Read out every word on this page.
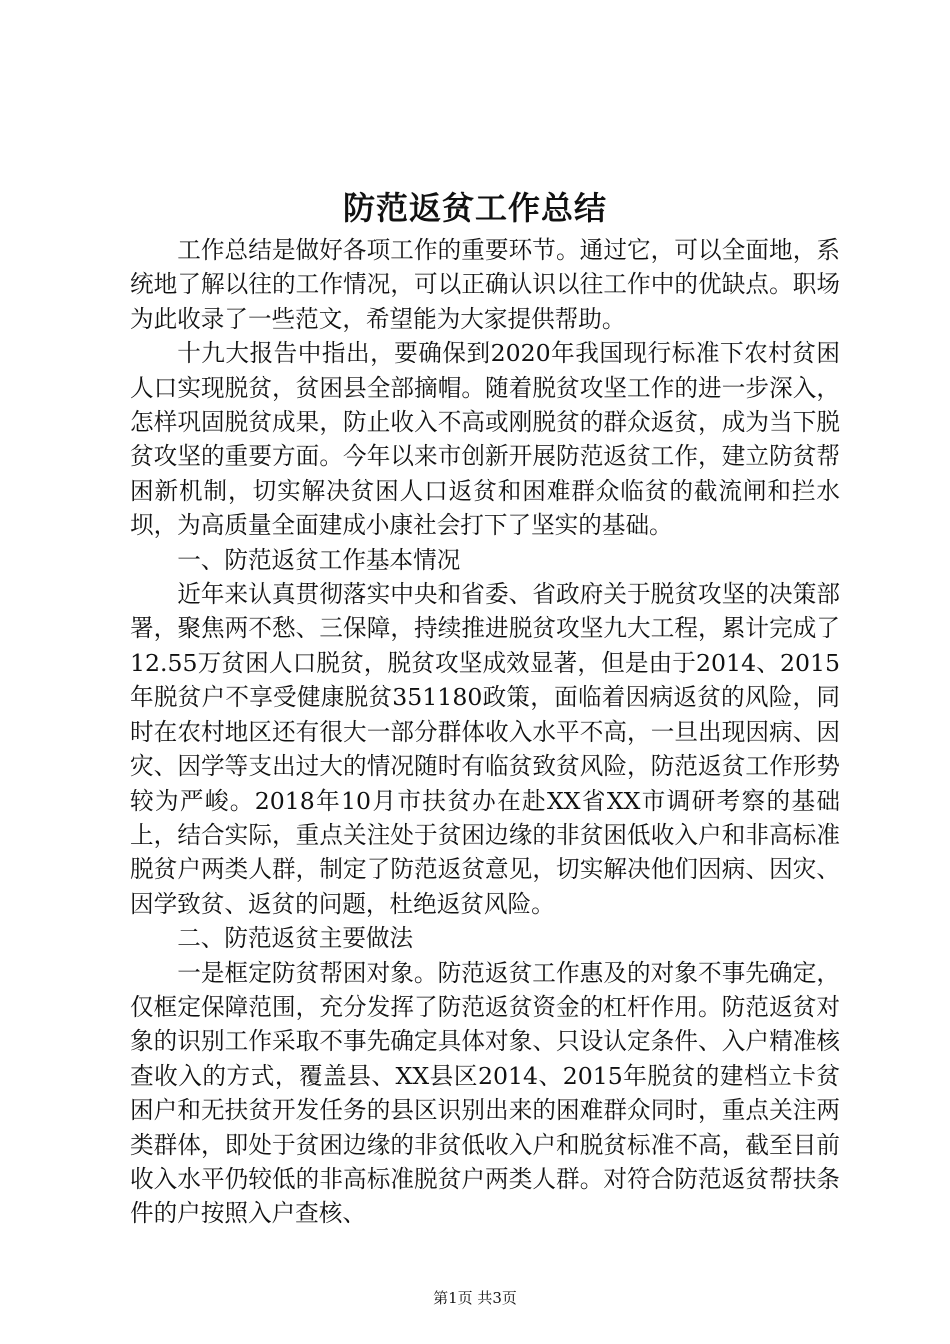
防范返贫工作总结

工作总结是做好各项工作的重要环节。通过它，可以全面地，系统地了解以往的工作情况，可以正确认识以往工作中的优缺点。职场为此收录了一些范文，希望能为大家提供帮助。

十九大报告中指出，要确保到2020年我国现行标准下农村贫困人口实现脱贫，贫困县全部摘帽。随着脱贫攻坚工作的进一步深入，怎样巩固脱贫成果，防止收入不高或刚脱贫的群众返贫，成为当下脱贫攻坚的重要方面。今年以来市创新开展防范返贫工作，建立防贫帮困新机制，切实解决贫困人口返贫和困难群众临贫的截流闸和拦水坝，为高质量全面建成小康社会打下了坚实的基础。

一、防范返贫工作基本情况

近年来认真贯彻落实中央和省委、省政府关于脱贫攻坚的决策部署，聚焦两不愁、三保障，持续推进脱贫攻坚九大工程，累计完成了12.55万贫困人口脱贫，脱贫攻坚成效显著，但是由于2014、2015年脱贫户不享受健康脱贫351180政策，面临着因病返贫的风险，同时在农村地区还有很大一部分群体收入水平不高，一旦出现因病、因灾、因学等支出过大的情况随时有临贫致贫风险，防范返贫工作形势较为严峻。2018年10月市扶贫办在赴XX省XX市调研考察的基础上，结合实际，重点关注处于贫困边缘的非贫困低收入户和非高标准脱贫户两类人群，制定了防范返贫意见，切实解决他们因病、因灾、因学致贫、返贫的问题，杜绝返贫风险。

二、防范返贫主要做法

一是框定防贫帮困对象。防范返贫工作惠及的对象不事先确定，仅框定保障范围，充分发挥了防范返贫资金的杠杆作用。防范返贫对象的识别工作采取不事先确定具体对象、只设认定条件、入户精准核查收入的方式，覆盖县、XX县区2014、2015年脱贫的建档立卡贫困户和无扶贫开发任务的县区识别出来的困难群众同时，重点关注两类群体，即处于贫困边缘的非贫低收入户和脱贫标准不高，截至目前收入水平仍较低的非高标准脱贫户两类人群。对符合防范返贫帮扶条件的户按照入户查核、

第1页 共3页
